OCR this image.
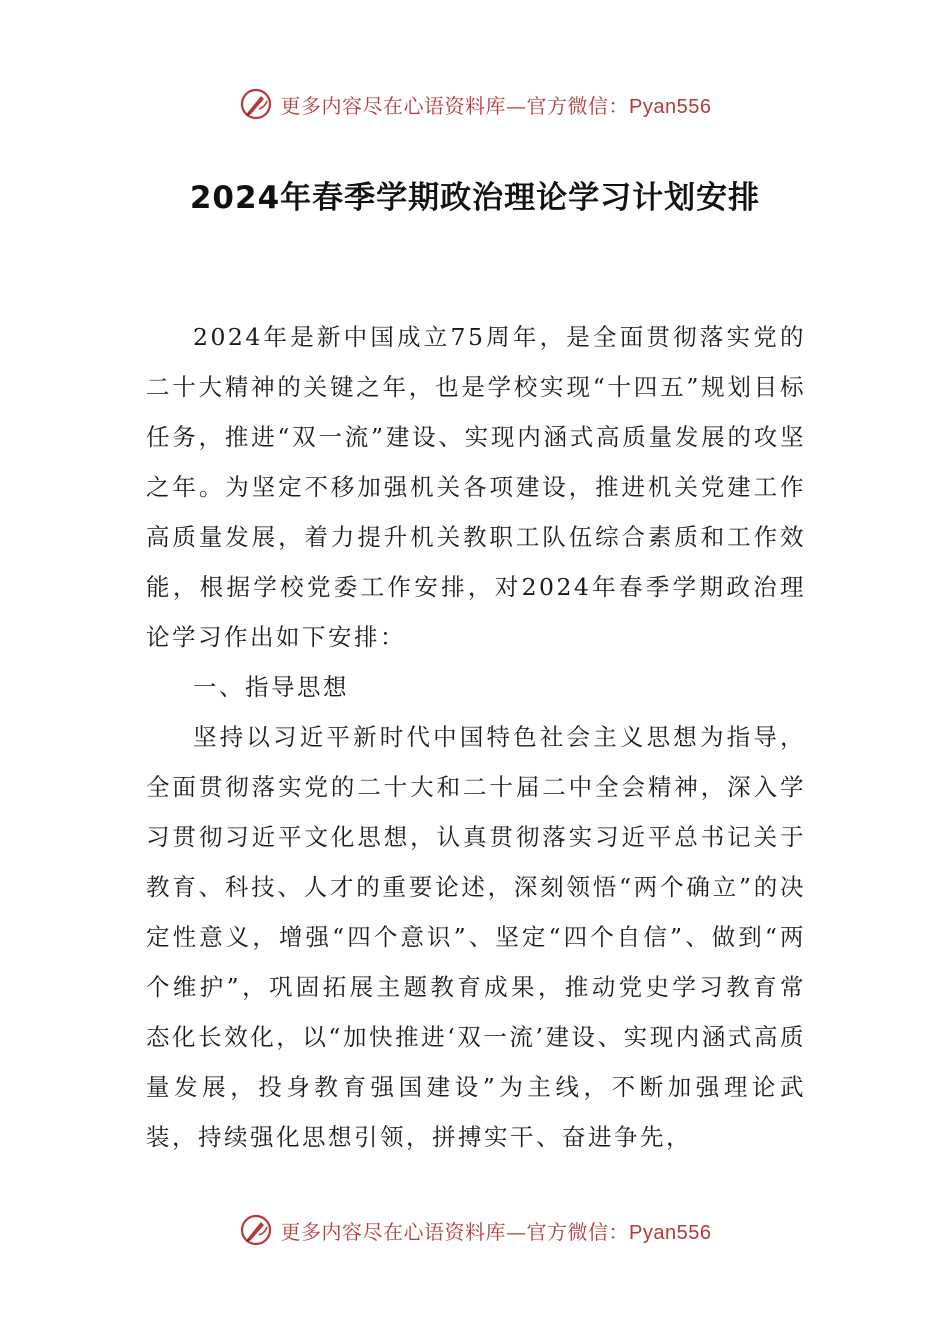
更多内容尽在心语资料库—官方微信：Pyan556
2024年春季学期政治理论学习计划安排

2024年是新中国成立75周年，是全面贯彻落实党的二十大精神的关键之年，也是学校实现“十四五”规划目标任务，推进“双一流”建设、实现内涵式高质量发展的攻坚之年。为坚定不移加强机关各项建设，推进机关党建工作高质量发展，着力提升机关教职工队伍综合素质和工作效能，根据学校党委工作安排，对2024年春季学期政治理论学习作出如下安排：

一、指导思想

坚持以习近平新时代中国特色社会主义思想为指导，全面贯彻落实党的二十大和二十届二中全会精神，深入学习贯彻习近平文化思想，认真贯彻落实习近平总书记关于教育、科技、人才的重要论述，深刻领悟“两个确立”的决定性意义，增强“四个意识”、坚定“四个自信”、做到“两个维护”，巩固拓展主题教育成果，推动党史学习教育常态化长效化，以“加快推进‘双一流’建设、实现内涵式高质量发展，投身教育强国建设”为主线，不断加强理论武装，持续强化思想引领，拼搏实干、奋进争先，

更多内容尽在心语资料库—官方微信：Pyan556
